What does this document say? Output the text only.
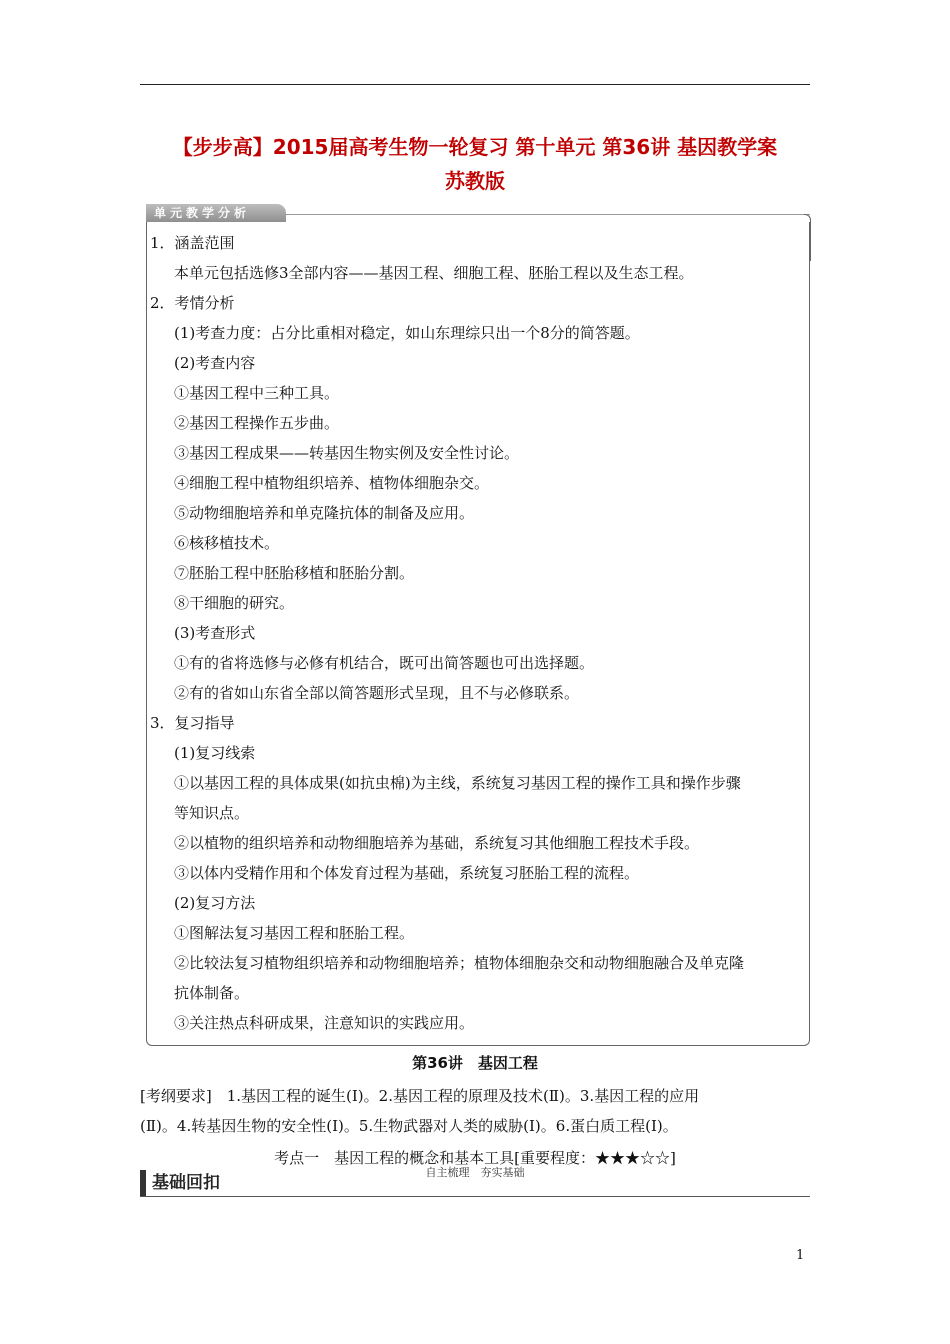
【步步高】2015届高考生物一轮复习 第十单元 第36讲 基因教学案
苏教版
单元教学分析
1．涵盖范围
本单元包括选修3全部内容——基因工程、细胞工程、胚胎工程以及生态工程。
2．考情分析
(1)考查力度：占分比重相对稳定，如山东理综只出一个8分的简答题。
(2)考查内容
①基因工程中三种工具。
②基因工程操作五步曲。
③基因工程成果——转基因生物实例及安全性讨论。
④细胞工程中植物组织培养、植物体细胞杂交。
⑤动物细胞培养和单克隆抗体的制备及应用。
⑥核移植技术。
⑦胚胎工程中胚胎移植和胚胎分割。
⑧干细胞的研究。
(3)考查形式
①有的省将选修与必修有机结合，既可出简答题也可出选择题。
②有的省如山东省全部以简答题形式呈现，且不与必修联系。
3．复习指导
(1)复习线索
①以基因工程的具体成果(如抗虫棉)为主线，系统复习基因工程的操作工具和操作步骤
等知识点。
②以植物的组织培养和动物细胞培养为基础，系统复习其他细胞工程技术手段。
③以体内受精作用和个体发育过程为基础，系统复习胚胎工程的流程。
(2)复习方法
①图解法复习基因工程和胚胎工程。
②比较法复习植物组织培养和动物细胞培养；植物体细胞杂交和动物细胞融合及单克隆
抗体制备。
③关注热点科研成果，注意知识的实践应用。
第36讲　基因工程
[考纲要求]　1.基因工程的诞生(Ⅰ)。2.基因工程的原理及技术(Ⅱ)。3.基因工程的应用
(Ⅱ)。4.转基因生物的安全性(Ⅰ)。5.生物武器对人类的威胁(Ⅰ)。6.蛋白质工程(Ⅰ)。
考点一　基因工程的概念和基本工具[重要程度：★★★☆☆]
基础回扣
自主梳理　夯实基础
1
